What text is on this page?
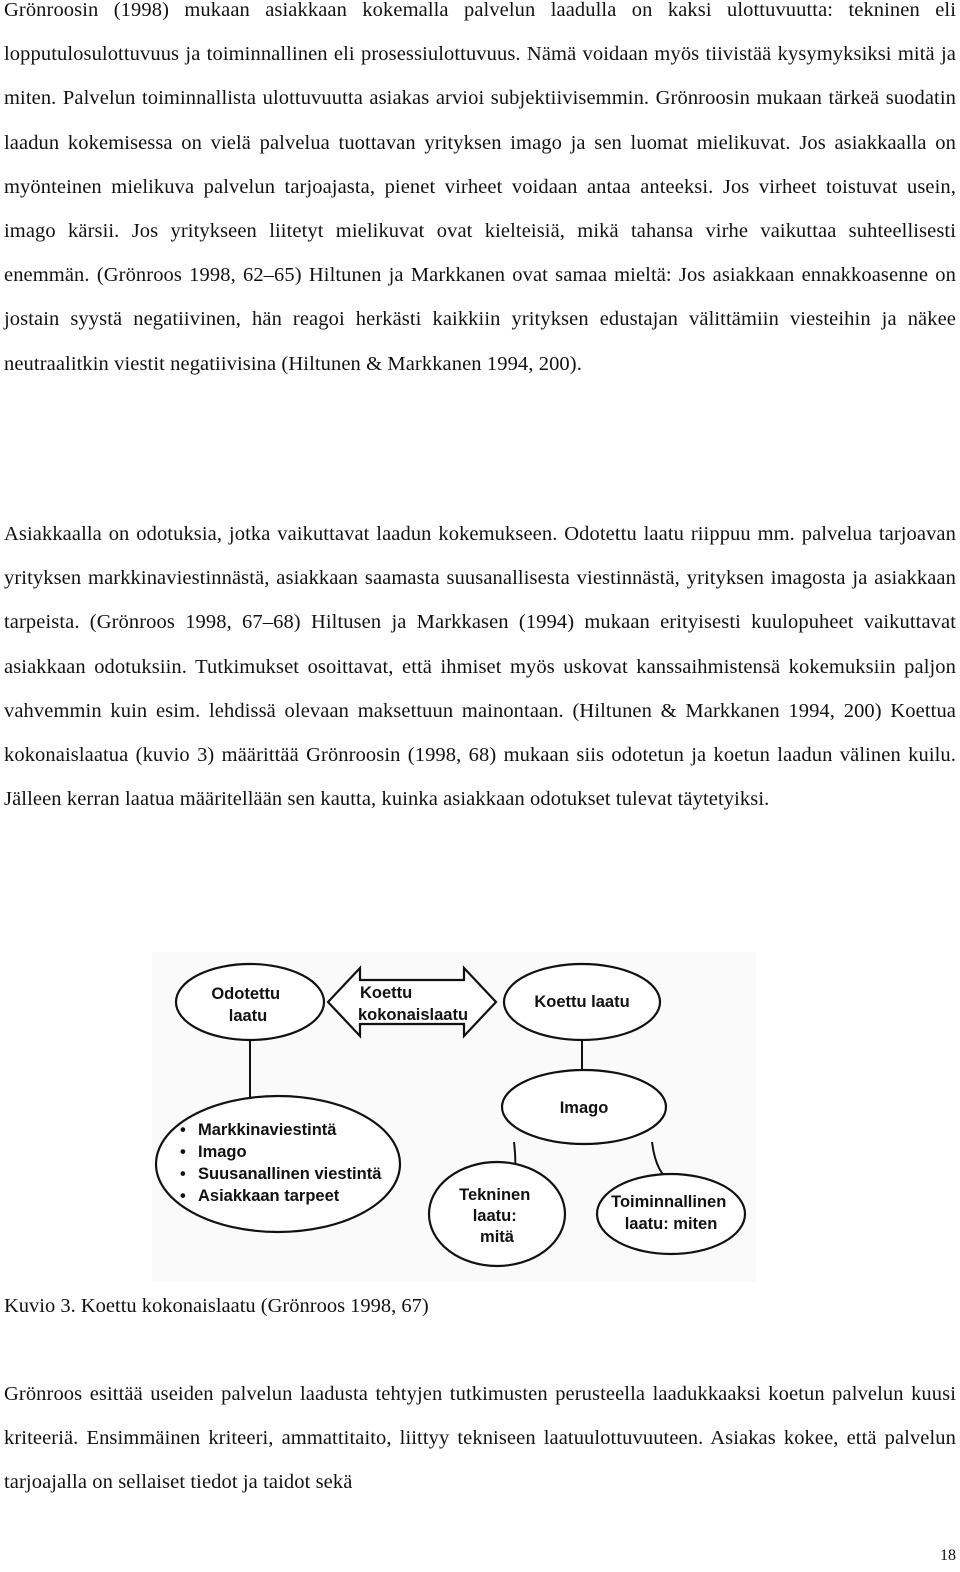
Grönroosin (1998) mukaan asiakkaan kokemalla palvelun laadulla on kaksi ulottuvuutta: tekninen eli lopputulosulottuvuus ja toiminnallinen eli prosessiulottuvuus. Nämä voidaan myös tiivistää kysymyksiksi mitä ja miten. Palvelun toiminnallista ulottuvuutta asiakas arvioi subjektiivisemmin. Grönroosin mukaan tärkeä suodatin laadun kokemisessa on vielä palvelua tuottavan yrityksen imago ja sen luomat mielikuvat. Jos asiakkaalla on myönteinen mielikuva palvelun tarjoajasta, pienet virheet voidaan antaa anteeksi. Jos virheet toistuvat usein, imago kärsii. Jos yritykseen liitetyt mielikuvat ovat kielteisiä, mikä tahansa virhe vaikuttaa suhteellisesti enemmän. (Grönroos 1998, 62–65) Hiltunen ja Markkanen ovat samaa mieltä: Jos asiakkaan ennakkoasenne on jostain syystä negatiivinen, hän reagoi herkästi kaikkiin yrityksen edustajan välittämiin viesteihin ja näkee neutraalitkin viestit negatiivisina (Hiltunen & Markkanen 1994, 200).

Odotettu laatu
Koettu kokonaislaatu
Koettu laatu
• Markkinaviestintä • Imago • Suusanallinen viestintä • Asiakkaan tarpeet
Imago
Tekninen laatu: mitä
Toiminnallinen laatu: miten

Kuvio 3. Koettu kokonaislaatu (Grönroos 1998, 67)

Asiakkaalla on odotuksia, jotka vaikuttavat laadun kokemukseen. Odotettu laatu riippuu mm. palvelua tarjoavan yrityksen markkinaviestinnästä, asiakkaan saamasta suusanallisesta viestinnästä, yrityksen imagosta ja asiakkaan tarpeista. (Grönroos 1998, 67–68) Hiltusen ja Markkasen (1994) mukaan erityisesti kuulopuheet vaikuttavat asiakkaan odotuksiin. Tutkimukset osoittavat, että ihmiset myös uskovat kanssaihmistensä kokemuksiin paljon vahvemmin kuin esim. lehdissä olevaan maksettuun mainontaan. (Hiltunen & Markkanen 1994, 200) Koettua kokonaislaatua (kuvio 3) määrittää Grönroosin (1998, 68) mukaan siis odotetun ja koetun laadun välinen kuilu. Jälleen kerran laatua määritellään sen kautta, kuinka asiakkaan odotukset tulevat täytetyiksi.

Grönroos esittää useiden palvelun laadusta tehtyjen tutkimusten perusteella laadukkaaksi koetun palvelun kuusi kriteeriä. Ensimmäinen kriteeri, ammattitaito, liittyy tekniseen laatuulottuvuuteen. Asiakas kokee, että palvelun tarjoajalla on sellaiset tiedot ja taidot sekä

18
